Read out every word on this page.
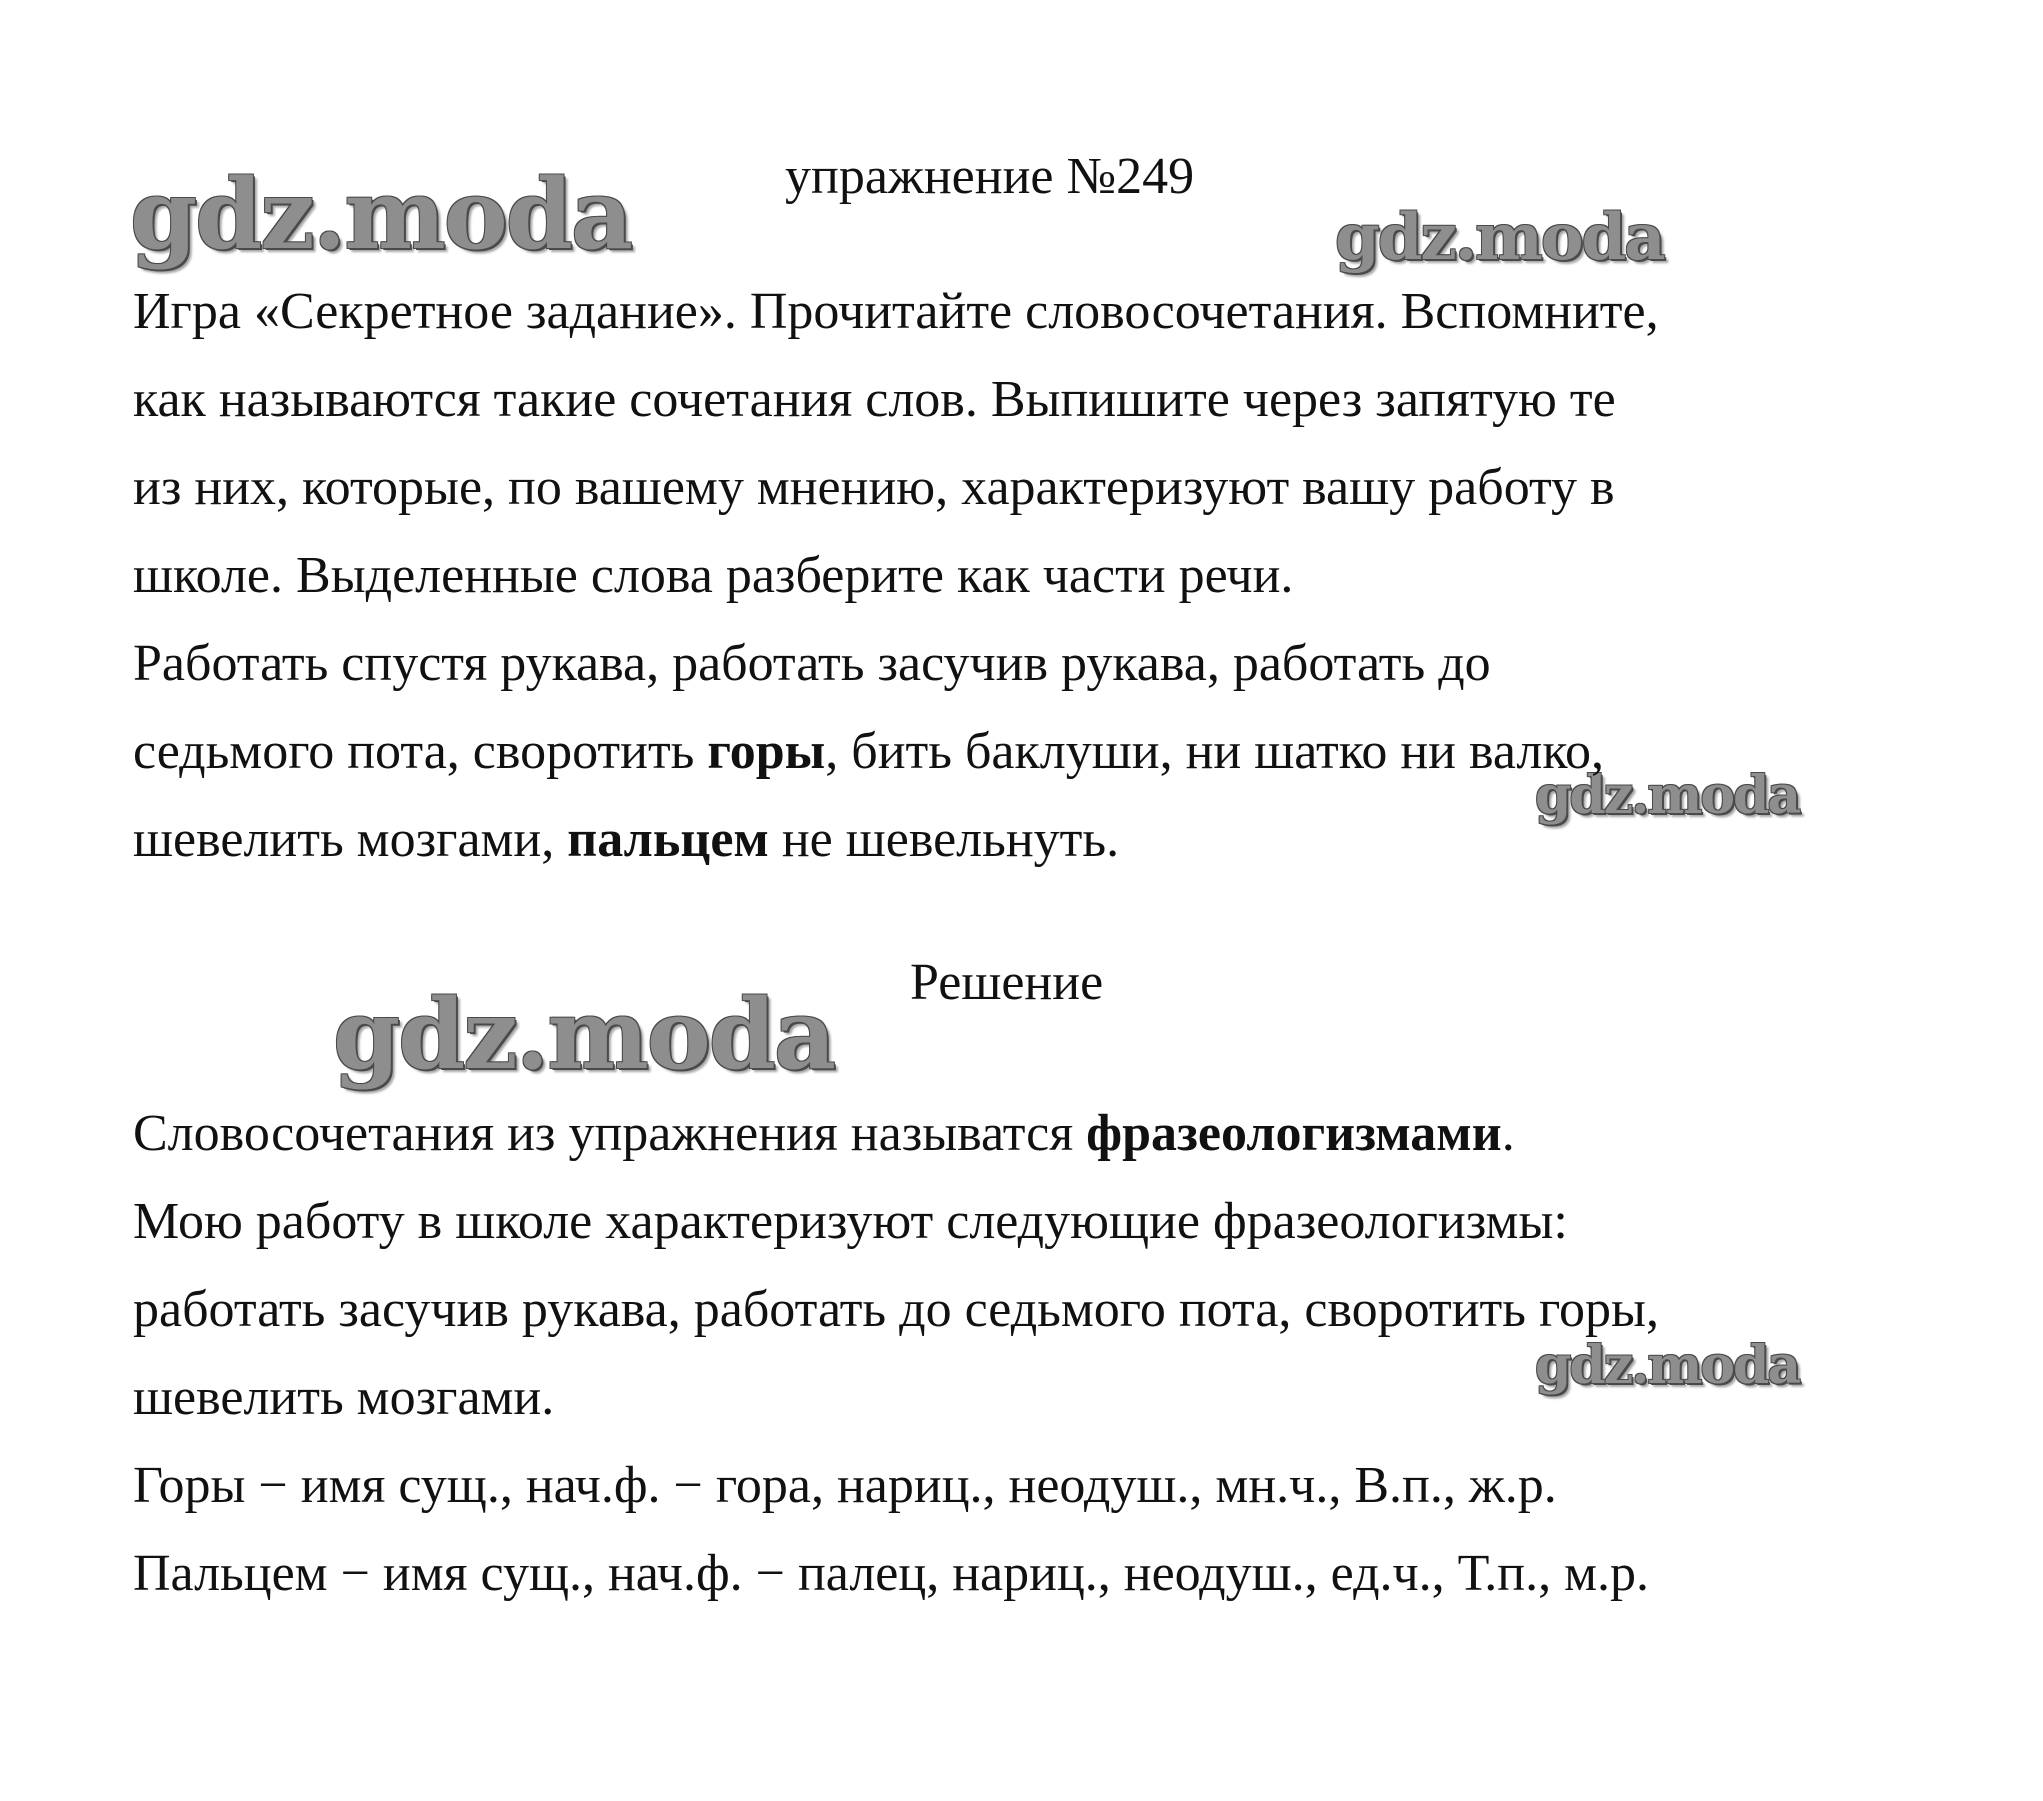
gdz.moda	gdz.moda
gdz.moda
gdz.moda
gdz.moda
упражнение №249
Игра «Секретное задание». Прочитайте словосочетания. Вспомните,
как называются такие сочетания слов. Выпишите через запятую те
из них, которые, по вашему мнению, характеризуют вашу работу в
школе. Выделенные слова разберите как части речи.
Работать спустя рукава, работать засучив рукава, работать до
седьмого пота, своротить горы, бить баклуши, ни шатко ни валко,
шевелить мозгами, пальцем не шевельнуть.
Решение
Словосочетания из упражнения называтся фразеологизмами.
Мою работу в школе характеризуют следующие фразеологизмы:
работать засучив рукава, работать до седьмого пота, своротить горы,
шевелить мозгами.
Горы − имя сущ., нач.ф. − гора, нариц., неодуш., мн.ч., В.п., ж.р.
Пальцем − имя сущ., нач.ф. − палец, нариц., неодуш., ед.ч., Т.п., м.р.
